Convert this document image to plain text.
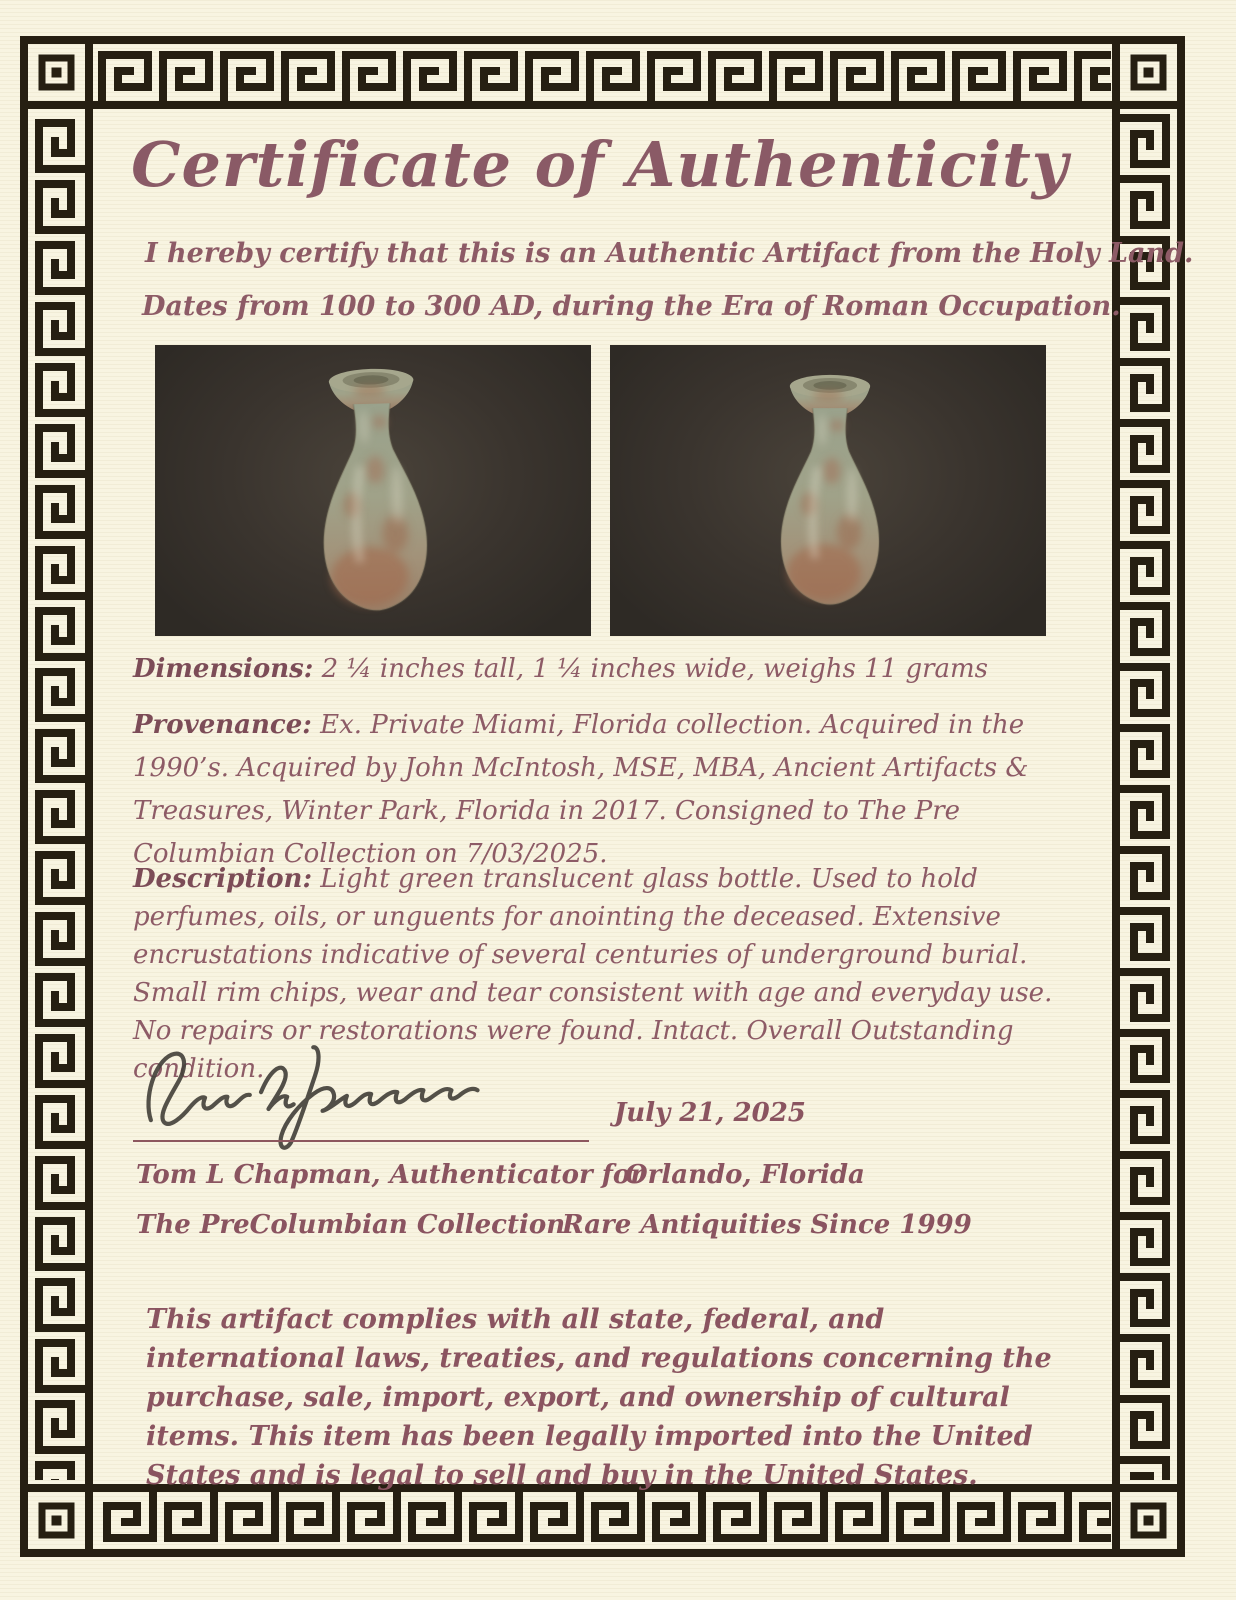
Certificate of Authenticity
I hereby certify that this is an Authentic Artifact from the Holy Land.
Dates from 100 to 300 AD, during the Era of Roman Occupation.
Dimensions: 2 ¼ inches tall, 1 ¼ inches wide, weighs 11 grams
Provenance: Ex. Private Miami, Florida collection. Acquired in the 1990’s. Acquired by John McIntosh, MSE, MBA, Ancient Artifacts & Treasures, Winter Park, Florida in 2017. Consigned to The Pre Columbian Collection on 7/03/2025.
Description: Light green translucent glass bottle. Used to hold perfumes, oils, or unguents for anointing the deceased. Extensive encrustations indicative of several centuries of underground burial. Small rim chips, wear and tear consistent with age and everyday use. No repairs or restorations were found. Intact. Overall Outstanding condition.
July 21, 2025
Tom L Chapman, Authenticator for
Orlando, Florida
The PreColumbian Collection
Rare Antiquities Since 1999
This artifact complies with all state, federal, and international laws, treaties, and regulations concerning the purchase, sale, import, export, and ownership of cultural items. This item has been legally imported into the United States and is legal to sell and buy in the United States.
